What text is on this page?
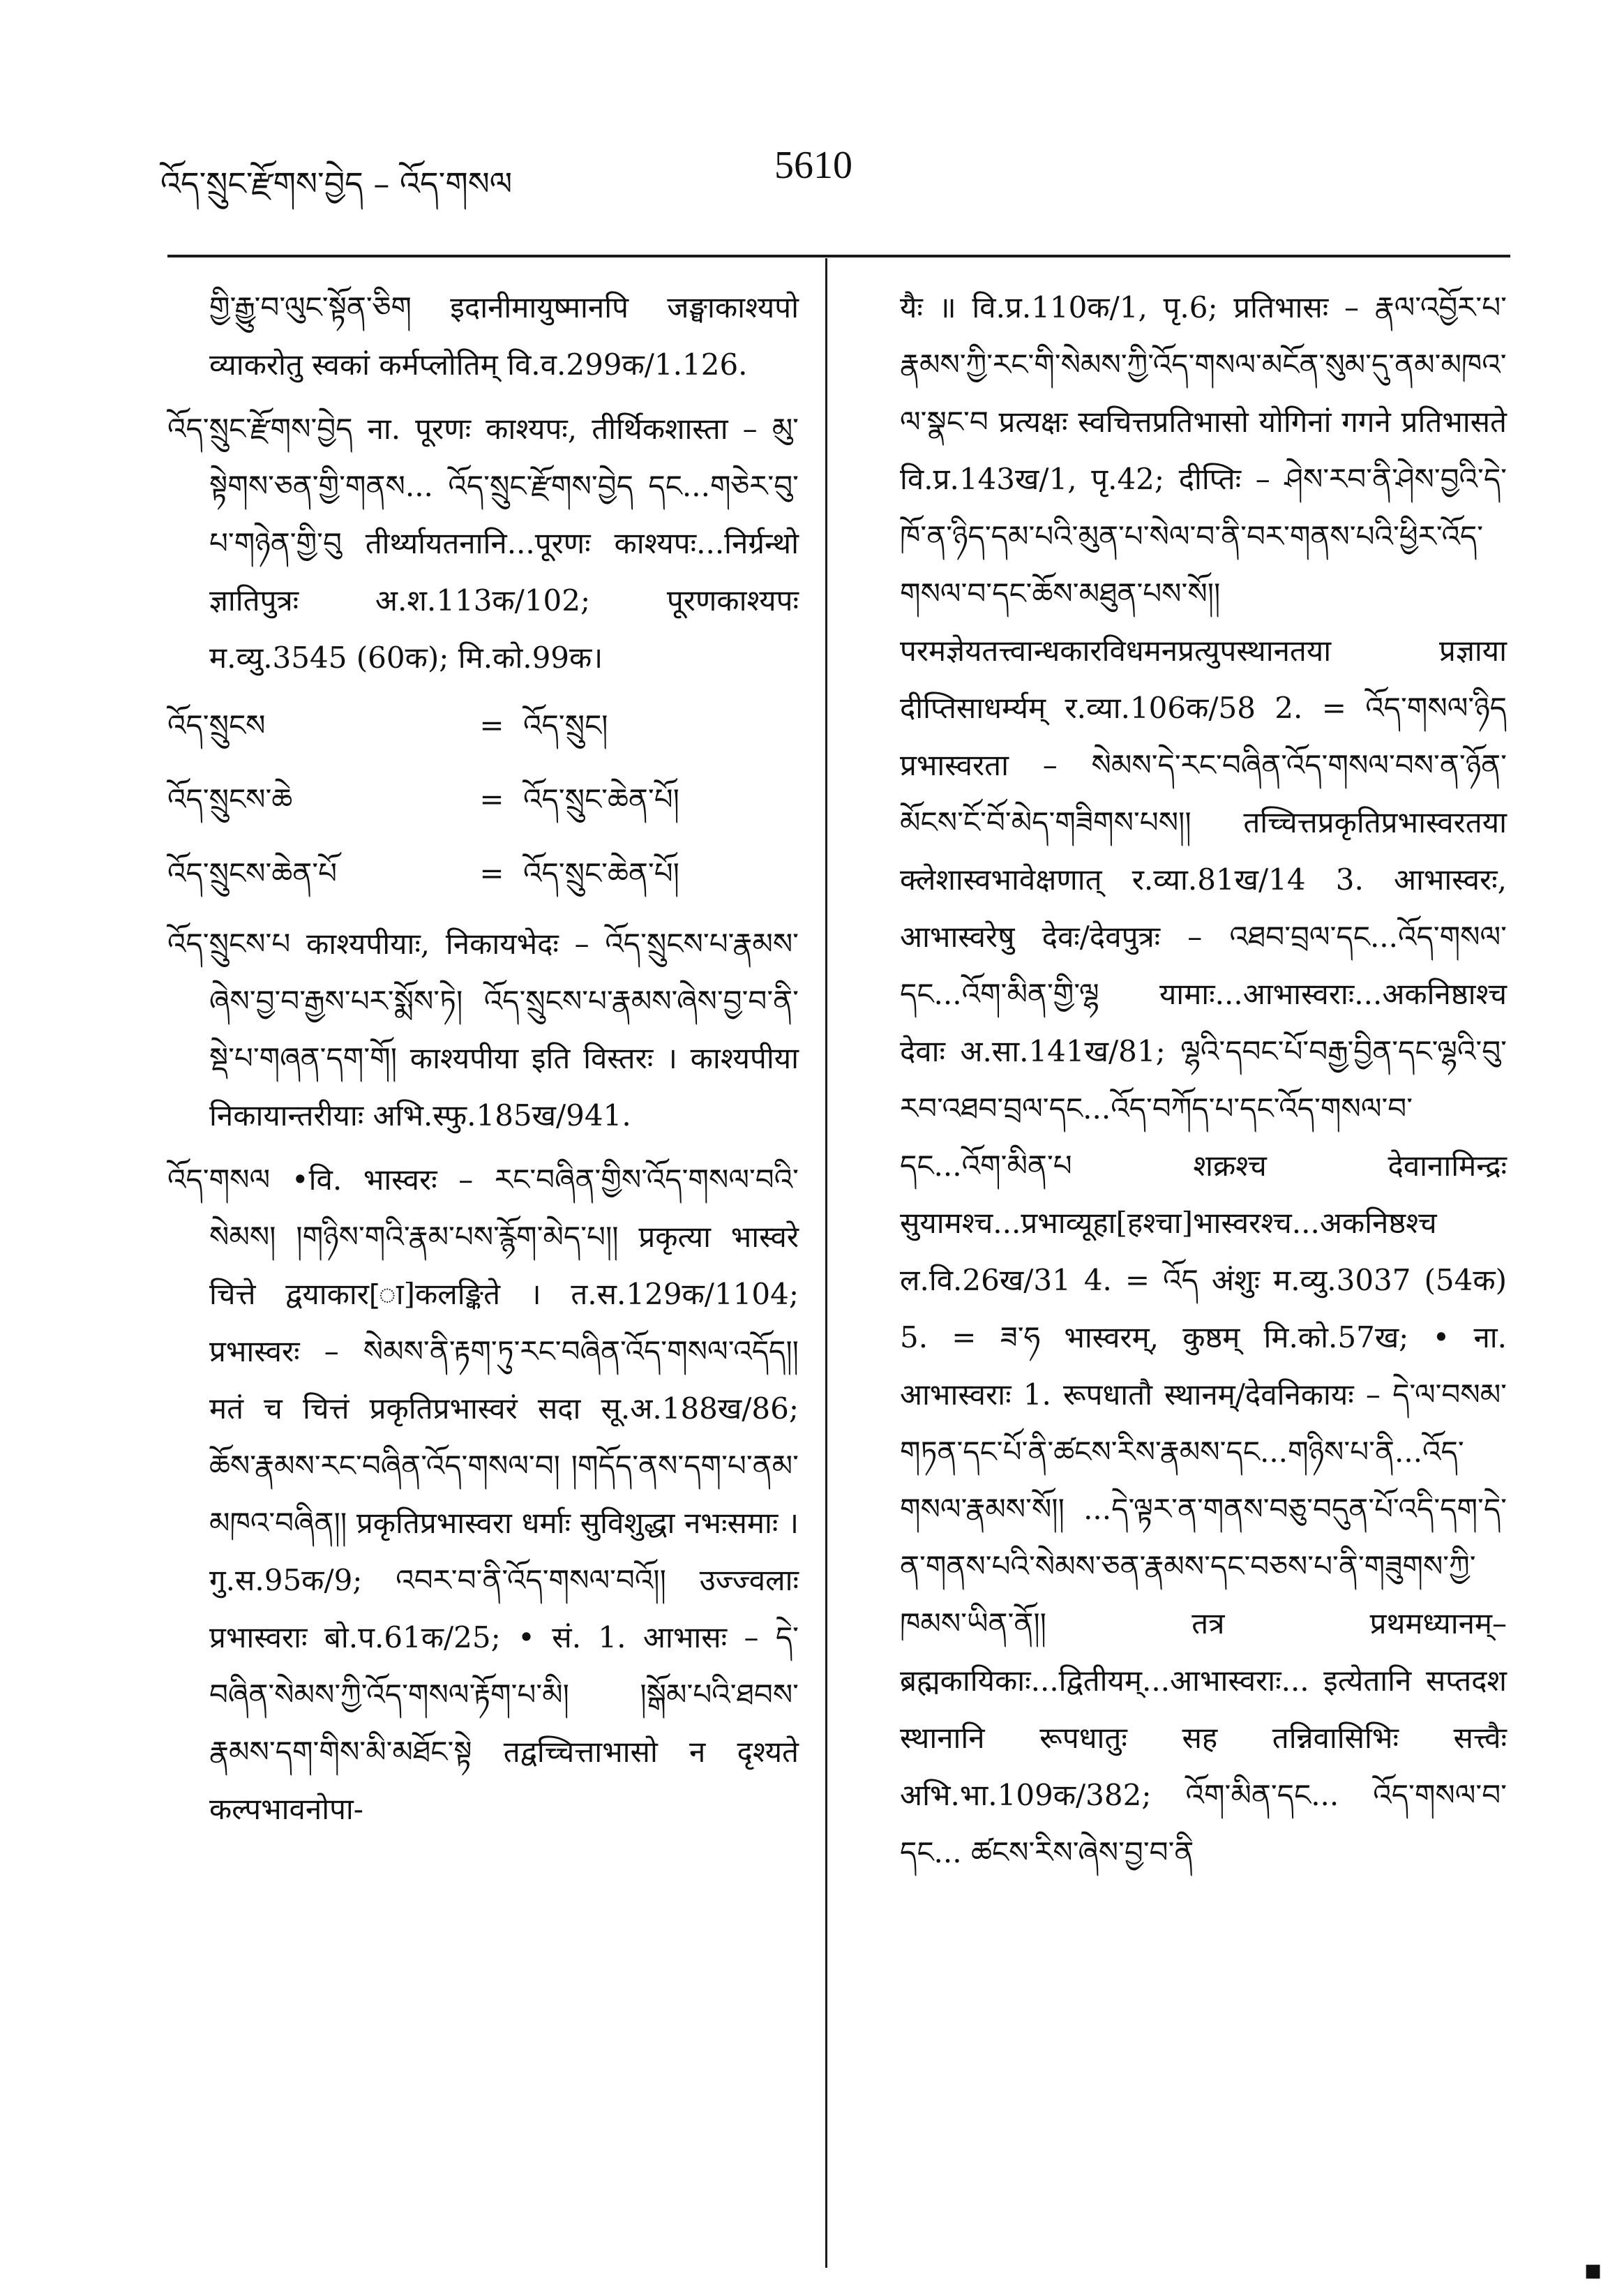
འོད་སྲུང་རྫོགས་བྱེད – འོད་གསལ	5610

གྱི་རྒྱུ་བ་ལུང་སྟོན་ཅིག इदानीमायुष्मानपि जङ्घाकाश्यपो व्याकरोतु स्वकां कर्मप्लोतिम् वि.व.299क/1.126.

འོད་སྲུང་རྫོགས་བྱེད ना. पूरणः काश्यपः, तीर्थिकशास्ता – མུ་སྟེགས་ཅན་གྱི་གནས... འོད་སྲུང་རྫོགས་བྱེད དང...གཅེར་བུ་པ་གཉེན་གྱི་བུ तीर्थ्यायतनानि...पूरणः काश्यपः...निर्ग्रन्थो ज्ञातिपुत्रः अ.श.113क/102; पूरणकाश्यपः म.व्यु.3545 (60क); मि.को.99क।

འོད་སྲུངས	= འོད་སྲུང།
འོད་སྲུངས་ཆེ	= འོད་སྲུང་ཆེན་པོ།
འོད་སྲུངས་ཆེན་པོ	= འོད་སྲུང་ཆེན་པོ།

འོད་སྲུངས་པ काश्यपीयाः, निकायभेदः – འོད་སྲུངས་པ་རྣམས་ཞེས་བྱ་བ་རྒྱས་པར་སྨོས་ཏེ། འོད་སྲུངས་པ་རྣམས་ཞེས་བྱ་བ་ནི་སྡེ་པ་གཞན་དག་གོ། काश्यपीया इति विस्तरः । काश्यपीया निकायान्तरीयाः अभि.स्फु.185ख/941.

འོད་གསལ •वि. भास्वरः – རང་བཞིན་གྱིས་འོད་གསལ་བའི་སེམས། །གཉིས་གའི་རྣམ་པས་རྙོག་མེད་པ།། प्रकृत्या भास्वरे चित्ते द्वयाकार[ा]कलङ्किते । त.स.129क/1104; प्रभास्वरः – སེམས་ནི་རྟག་ཏུ་རང་བཞིན་འོད་གསལ་འདོད།། मतं च चित्तं प्रकृतिप्रभास्वरं सदा सू.अ.188ख/86; ཆོས་རྣམས་རང་བཞིན་འོད་གསལ་བ། །གདོད་ནས་དག་པ་ནམ་མཁའ་བཞིན།། प्रकृतिप्रभास्वरा धर्माः सुविशुद्धा नभःसमाः । गु.स.95क/9; འབར་བ་ནི་འོད་གསལ་བའོ།། उज्ज्वलाः प्रभास्वराः बो.प.61क/25; • सं. 1. आभासः – དེ་བཞིན་སེམས་ཀྱི་འོད་གསལ་རྟོག་པ་མི། །སྒོམ་པའི་ཐབས་རྣམས་དག་གིས་མི་མཐོང་སྟེ तद्वच्चित्ताभासो न दृश्यते कल्पभावनोपा-

यैः ॥ वि.प्र.110क/1, पृ.6; प्रतिभासः – རྣལ་འབྱོར་པ་རྣམས་ཀྱི་རང་གི་སེམས་ཀྱི་འོད་གསལ་མངོན་སུམ་དུ་ནམ་མཁའ་ལ་སྣང་བ प्रत्यक्षः स्वचित्तप्रतिभासो योगिनां गगने प्रतिभासते वि.प्र.143ख/1, पृ.42; दीप्तिः – ཤེས་རབ་ནི་ཤེས་བྱའི་དེ་ཁོ་ན་ཉིད་དམ་པའི་མུན་པ་སེལ་བ་ནི་བར་གནས་པའི་ཕྱིར་འོད་གསལ་བ་དང་ཆོས་མཐུན་པས་སོ།། परमज्ञेयतत्त्वान्धकारविधमनप्रत्युपस्थानतया प्रज्ञाया दीप्तिसाधर्म्यम् र.व्या.106क/58 2. = འོད་གསལ་ཉིད प्रभास्वरता – སེམས་དེ་རང་བཞིན་འོད་གསལ་བས་ན་ཉོན་མོངས་ངོ་བོ་མེད་གཟིགས་པས།། तच्चित्तप्रकृतिप्रभास्वरतया क्लेशास्वभावेक्षणात् र.व्या.81ख/14 3. आभास्वरः, आभास्वरेषु देवः/देवपुत्रः – འཐབ་བྲལ་དང...འོད་གསལ་དང...འོག་མིན་གྱི་ལྷ यामाः...आभास्वराः...अकनिष्ठाश्च देवाः अ.सा.141ख/81; ལྷའི་དབང་པོ་བརྒྱ་བྱིན་དང་ལྷའི་བུ་རབ་འཐབ་བྲལ་དང...འོད་བཀོད་པ་དང་འོད་གསལ་བ་དང...འོག་མིན་པ शक्रश्च देवानामिन्द्रः सुयामश्च...प्रभाव्यूहा[हश्चा]भास्वरश्च...अकनिष्ठश्च ल.वि.26ख/31 4. = འོད अंशुः म.व्यु.3037 (54क) 5. = ཟ་ཧ भास्वरम्, कुष्ठम् मि.को.57ख; • ना. आभास्वराः 1. रूपधातौ स्थानम्/देवनिकायः – དེ་ལ་བསམ་གཏན་དང་པོ་ནི་ཚངས་རིས་རྣམས་དང...གཉིས་པ་ནི...འོད་གསལ་རྣམས་སོ།། ...དེ་ལྟར་ན་གནས་བཅུ་བདུན་པོ་འདི་དག་དེ་ན་གནས་པའི་སེམས་ཅན་རྣམས་དང་བཅས་པ་ནི་གཟུགས་ཀྱི་ཁམས་ཡིན་ནོ།། तत्र प्रथमध्यानम्–ब्रह्मकायिकाः...द्वितीयम्...आभास्वराः... इत्येतानि सप्तदश स्थानानि रूपधातुः सह तन्निवासिभिः सत्त्वैः अभि.भा.109क/382; འོག་མིན་དང... འོད་གསལ་བ་དང... ཚངས་རིས་ཞེས་བྱ་བ་ནི

▪
